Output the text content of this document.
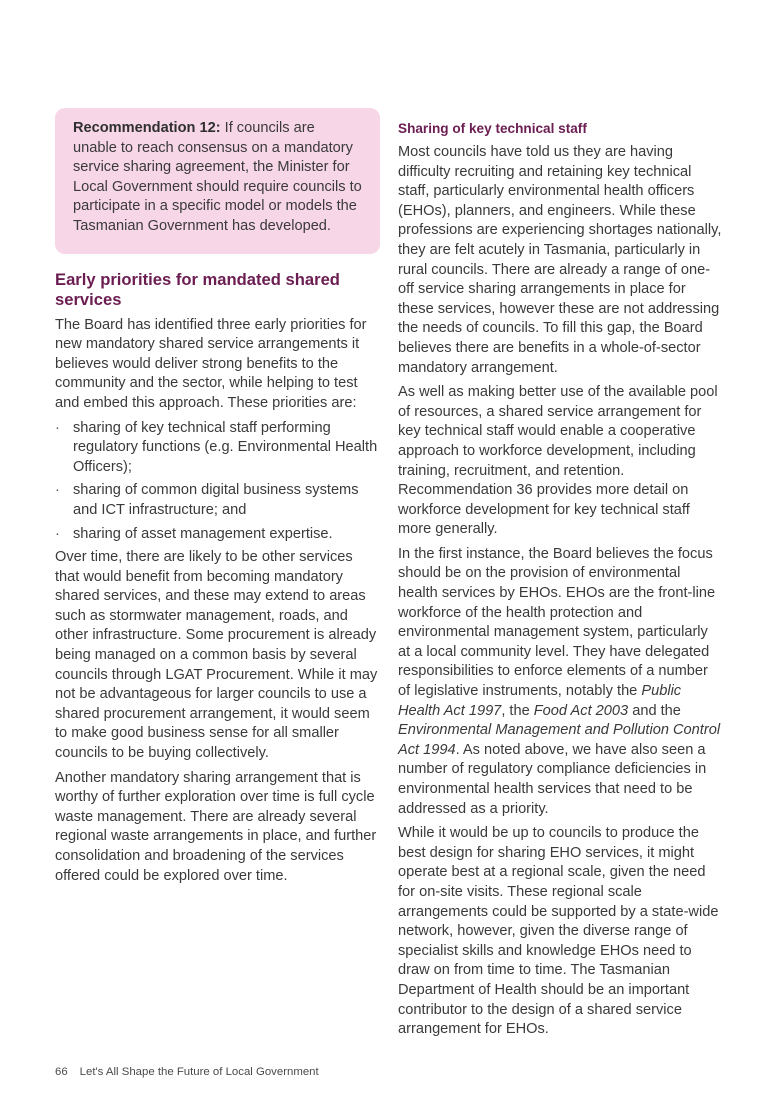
Recommendation 12: If councils are unable to reach consensus on a mandatory service sharing agreement, the Minister for Local Government should require councils to participate in a specific model or models the Tasmanian Government has developed.
Early priorities for mandated shared services

The Board has identified three early priorities for new mandatory shared service arrangements it believes would deliver strong benefits to the community and the sector, while helping to test and embed this approach. These priorities are:

· sharing of key technical staff performing regulatory functions (e.g. Environmental Health Officers);
· sharing of common digital business systems and ICT infrastructure; and
· sharing of asset management expertise.

Over time, there are likely to be other services that would benefit from becoming mandatory shared services, and these may extend to areas such as stormwater management, roads, and other infrastructure. Some procurement is already being managed on a common basis by several councils through LGAT Procurement. While it may not be advantageous for larger councils to use a shared procurement arrangement, it would seem to make good business sense for all smaller councils to be buying collectively.

Another mandatory sharing arrangement that is worthy of further exploration over time is full cycle waste management. There are already several regional waste arrangements in place, and further consolidation and broadening of the services offered could be explored over time.

Sharing of key technical staff

Most councils have told us they are having difficulty recruiting and retaining key technical staff, particularly environmental health officers (EHOs), planners, and engineers. While these professions are experiencing shortages nationally, they are felt acutely in Tasmania, particularly in rural councils. There are already a range of one-off service sharing arrangements in place for these services, however these are not addressing the needs of councils. To fill this gap, the Board believes there are benefits in a whole-of-sector mandatory arrangement.

As well as making better use of the available pool of resources, a shared service arrangement for key technical staff would enable a cooperative approach to workforce development, including training, recruitment, and retention. Recommendation 36 provides more detail on workforce development for key technical staff more generally.

In the first instance, the Board believes the focus should be on the provision of environmental health services by EHOs. EHOs are the front-line workforce of the health protection and environmental management system, particularly at a local community level. They have delegated responsibilities to enforce elements of a number of legislative instruments, notably the Public Health Act 1997, the Food Act 2003 and the Environmental Management and Pollution Control Act 1994. As noted above, we have also seen a number of regulatory compliance deficiencies in environmental health services that need to be addressed as a priority.

While it would be up to councils to produce the best design for sharing EHO services, it might operate best at a regional scale, given the need for on-site visits. These regional scale arrangements could be supported by a state-wide network, however, given the diverse range of specialist skills and knowledge EHOs need to draw on from time to time. The Tasmanian Department of Health should be an important contributor to the design of a shared service arrangement for EHOs.

66 Let's All Shape the Future of Local Government
